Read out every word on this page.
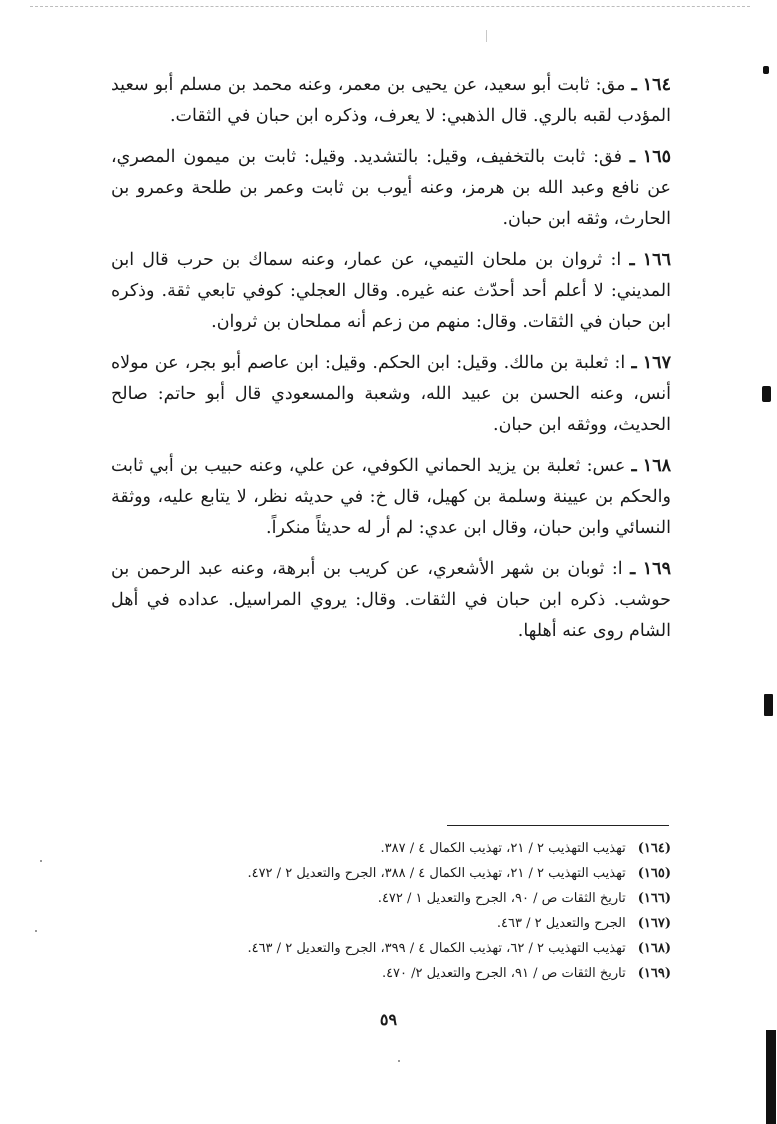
١٦٤ ـ مق: ثابت أبو سعيد، عن يحيى بن معمر، وعنه محمد بن مسلم أبو سعيد المؤدب لقبه بالري. قال الذهبي: لا يعرف، وذكره ابن حبان في الثقات.

١٦٥ ـ فق: ثابت بالتخفيف، وقيل: بالتشديد. وقيل: ثابت بن ميمون المصري، عن نافع وعبد الله بن هرمز، وعنه أيوب بن ثابت وعمر بن طلحة وعمرو بن الحارث، وثقه ابن حبان.

١٦٦ ـ ا: ثروان بن ملحان التيمي، عن عمار، وعنه سماك بن حرب قال ابن المديني: لا أعلم أحد أحدّث عنه غيره. وقال العجلي: كوفي تابعي ثقة. وذكره ابن حبان في الثقات. وقال: منهم من زعم أنه مملحان بن ثروان.

١٦٧ ـ ا: ثعلبة بن مالك. وقيل: ابن الحكم. وقيل: ابن عاصم أبو بجر، عن مولاه أنس، وعنه الحسن بن عبيد الله، وشعبة والمسعودي قال أبو حاتم: صالح الحديث، ووثقه ابن حبان.

١٦٨ ـ عس: ثعلبة بن يزيد الحماني الكوفي، عن علي، وعنه حبيب بن أبي ثابت والحكم بن عيينة وسلمة بن كهيل، قال خ: في حديثه نظر، لا يتابع عليه، ووثقة النسائي وابن حبان، وقال ابن عدي: لم أر له حديثاً منكراً.

١٦٩ ـ ا: ثوبان بن شهر الأشعري، عن كريب بن أبرهة، وعنه عبد الرحمن بن حوشب. ذكره ابن حبان في الثقات. وقال: يروي المراسيل. عداده في أهل الشام روى عنه أهلها.

(١٦٤)تهذيب التهذيب ٢ / ٢١، تهذيب الكمال ٤ / ٣٨٧.
(١٦٥)تهذيب التهذيب ٢ / ٢١، تهذيب الكمال ٤ / ٣٨٨، الجرح والتعديل ٢ / ٤٧٢.
(١٦٦)تاريخ الثقات ص / ٩٠، الجرح والتعديل ١ / ٤٧٢.
(١٦٧)الجرح والتعديل ٢ / ٤٦٣.
(١٦٨)تهذيب التهذيب ٢ / ٦٢، تهذيب الكمال ٤ / ٣٩٩، الجرح والتعديل ٢ / ٤٦٣.
(١٦٩)تاريخ الثقات ص / ٩١، الجرح والتعديل ٢/ ٤٧٠.
٥٩
